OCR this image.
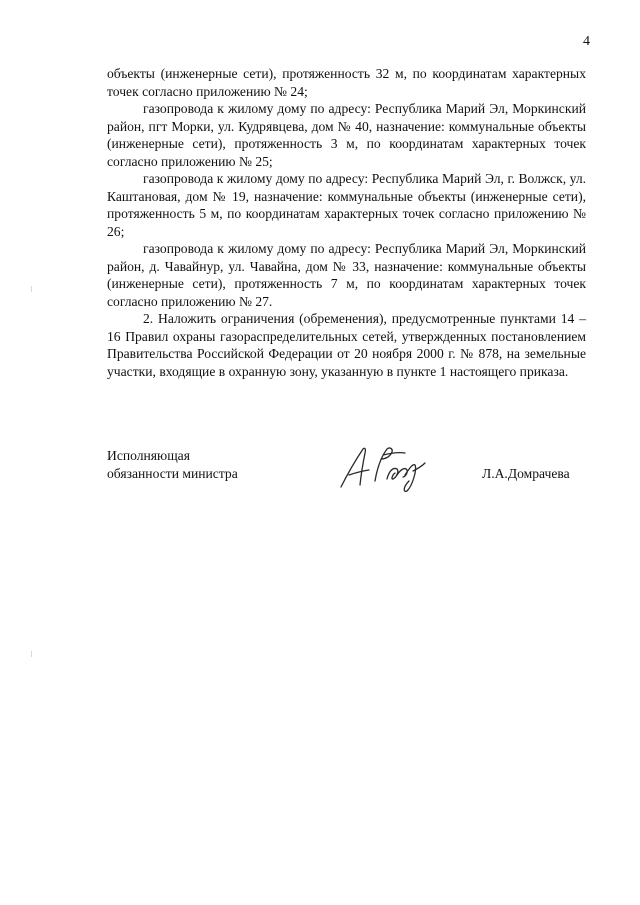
4

объекты (инженерные сети), протяженность 32 м, по координатам характерных точек согласно приложению № 24;

газопровода к жилому дому по адресу: Республика Марий Эл, Моркинский район, пгт Морки, ул. Кудрявцева, дом № 40, назначение: коммунальные объекты (инженерные сети), протяженность 3 м, по координатам характерных точек согласно приложению № 25;

газопровода к жилому дому по адресу: Республика Марий Эл, г. Волжск, ул. Каштановая, дом № 19, назначение: коммунальные объекты (инженерные сети), протяженность 5 м, по координатам характерных точек согласно приложению № 26;

газопровода к жилому дому по адресу: Республика Марий Эл, Моркинский район, д. Чавайнур, ул. Чавайна, дом № 33, назначение: коммунальные объекты (инженерные сети), протяженность 7 м, по координатам характерных точек согласно приложению № 27.

2. Наложить ограничения (обременения), предусмотренные пунктами 14 – 16 Правил охраны газораспределительных сетей, утвержденных постановлением Правительства Российской Федерации от 20 ноября 2000 г. № 878, на земельные участки, входящие в охранную зону, указанную в пункте 1 настоящего приказа.

Исполняющая
обязанности министра	Л.А.Домрачева
